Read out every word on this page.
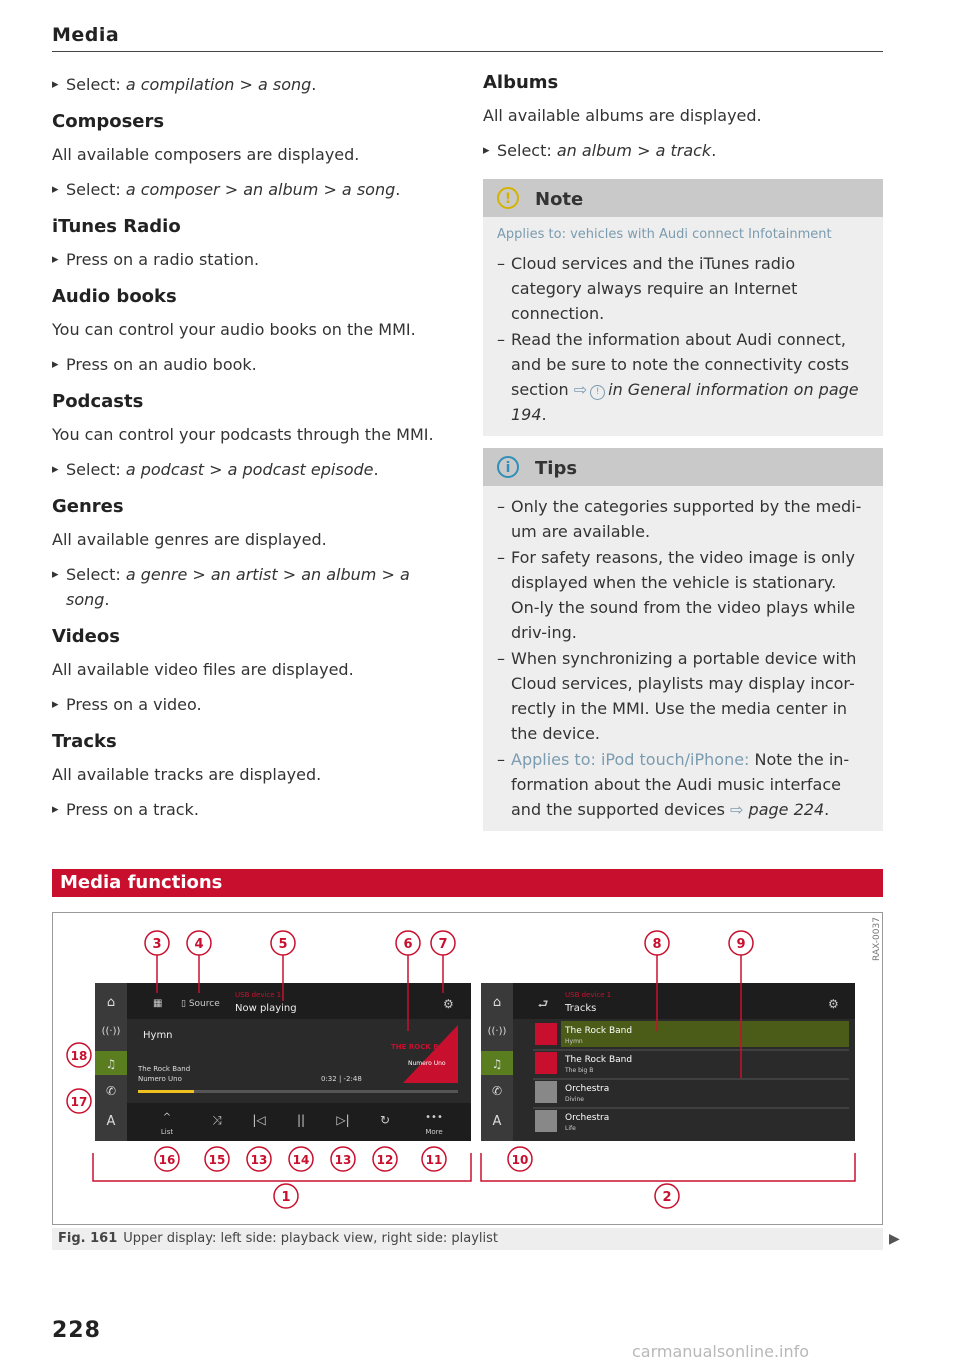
Media

▸ Select: a compilation > a song.

Composers

All available composers are displayed.

▸ Select: a composer > an album > a song.

iTunes Radio

▸ Press on a radio station.

Audio books

You can control your audio books on the MMI.

▸ Press on an audio book.

Podcasts

You can control your podcasts through the MMI.

▸ Select: a podcast > a podcast episode.

Genres

All available genres are displayed.

▸ Select: a genre > an artist > an album > a song.

Videos

All available video files are displayed.

▸ Press on a video.

Tracks

All available tracks are displayed.

▸ Press on a track.

Albums

All available albums are displayed.

▸ Select: an album > a track.

!	Note
Applies to: vehicles with Audi connect Infotainment
– Cloud services and the iTunes radio category always require an Internet connection.
– Read the information about Audi connect, and be sure to note the connectivity costs section ⇨ ! in General information on page 194.
i	Tips
– Only the categories supported by the medi-um are available.
– For safety reasons, the video image is only displayed when the vehicle is stationary. On-ly the sound from the video plays while driv-ing.
– When synchronizing a portable device with Cloud services, playlists may display incor-rectly in the MMI. Use the media center in the device.
– Applies to: iPod touch/iPhone: Note the in-formation about the Audi music interface and the supported devices ⇨ page 224.
Media functions
RAX-0037
⌂
((·))
♫
✆
A
▦ ▯ Source
USB device 1
Now playing	⚙
Hymn
The Rock Band
Numero Uno	0:32 | -2:48
THE ROCK BAND
Numero Uno
^
List
⤨	|◁	||	▷|	↻	•••
More
⌂
((·))
♫
✆
A
⮐
USB device 1
Tracks	⚙
The Rock Band
Hymn
The Rock Band
The big B
Orchestra
Divine
Orchestra
Life
1	2
3	4	5	6 7	8	9
10
11
12
13
14
13
15
16
17
18
Fig. 161 Upper display: left side: playback view, right side: playlist	▶
228
carmanualsonline.info
